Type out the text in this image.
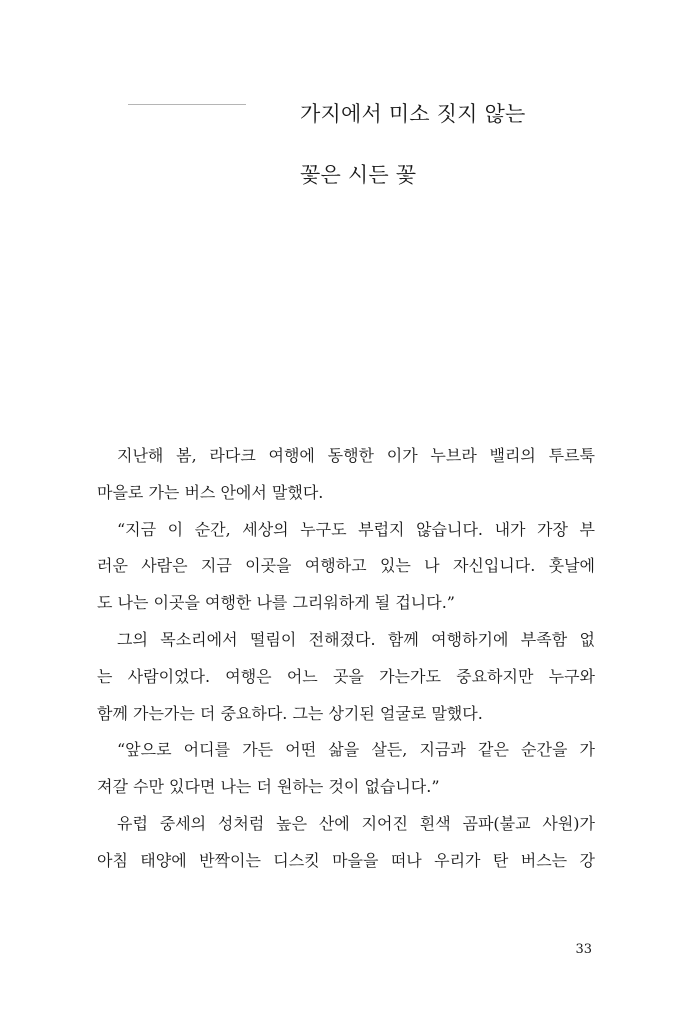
가지에서 미소 짓지 않는
꽃은 시든 꽃
지난해 봄, 라다크 여행에 동행한 이가 누브라 밸리의 투르툭
마을로 가는 버스 안에서 말했다.
“지금 이 순간, 세상의 누구도 부럽지 않습니다. 내가 가장 부
러운 사람은 지금 이곳을 여행하고 있는 나 자신입니다. 훗날에
도 나는 이곳을 여행한 나를 그리워하게 될 겁니다.”
그의 목소리에서 떨림이 전해졌다. 함께 여행하기에 부족함 없
는 사람이었다. 여행은 어느 곳을 가는가도 중요하지만 누구와
함께 가는가는 더 중요하다. 그는 상기된 얼굴로 말했다.
“앞으로 어디를 가든 어떤 삶을 살든, 지금과 같은 순간을 가
져갈 수만 있다면 나는 더 원하는 것이 없습니다.”
유럽 중세의 성처럼 높은 산에 지어진 흰색 곰파(불교 사원)가
아침 태양에 반짝이는 디스킷 마을을 떠나 우리가 탄 버스는 강
33
